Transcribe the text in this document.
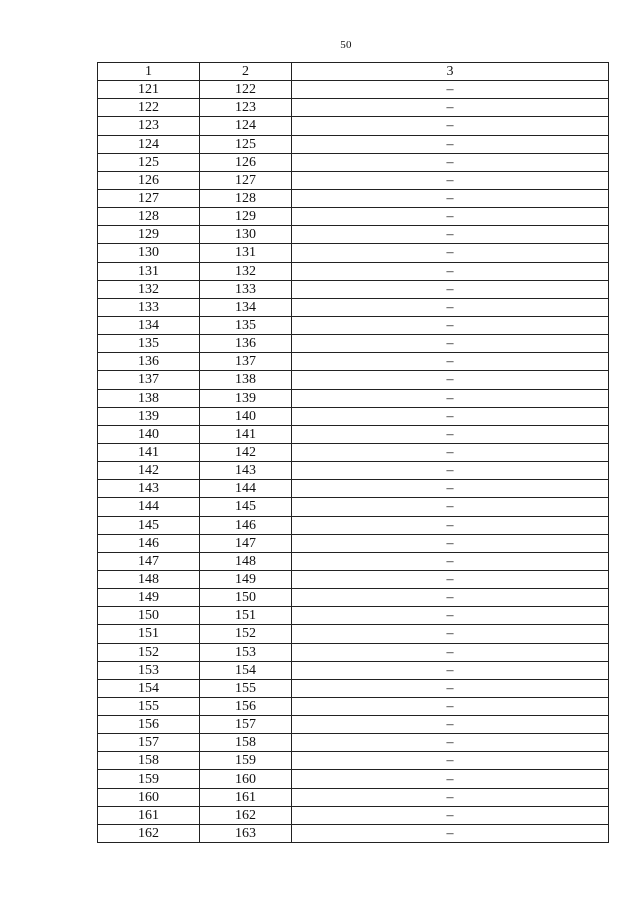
50
1	2	3
121	122	–
122	123	–
123	124	–
124	125	–
125	126	–
126	127	–
127	128	–
128	129	–
129	130	–
130	131	–
131	132	–
132	133	–
133	134	–
134	135	–
135	136	–
136	137	–
137	138	–
138	139	–
139	140	–
140	141	–
141	142	–
142	143	–
143	144	–
144	145	–
145	146	–
146	147	–
147	148	–
148	149	–
149	150	–
150	151	–
151	152	–
152	153	–
153	154	–
154	155	–
155	156	–
156	157	–
157	158	–
158	159	–
159	160	–
160	161	–
161	162	–
162	163	–
